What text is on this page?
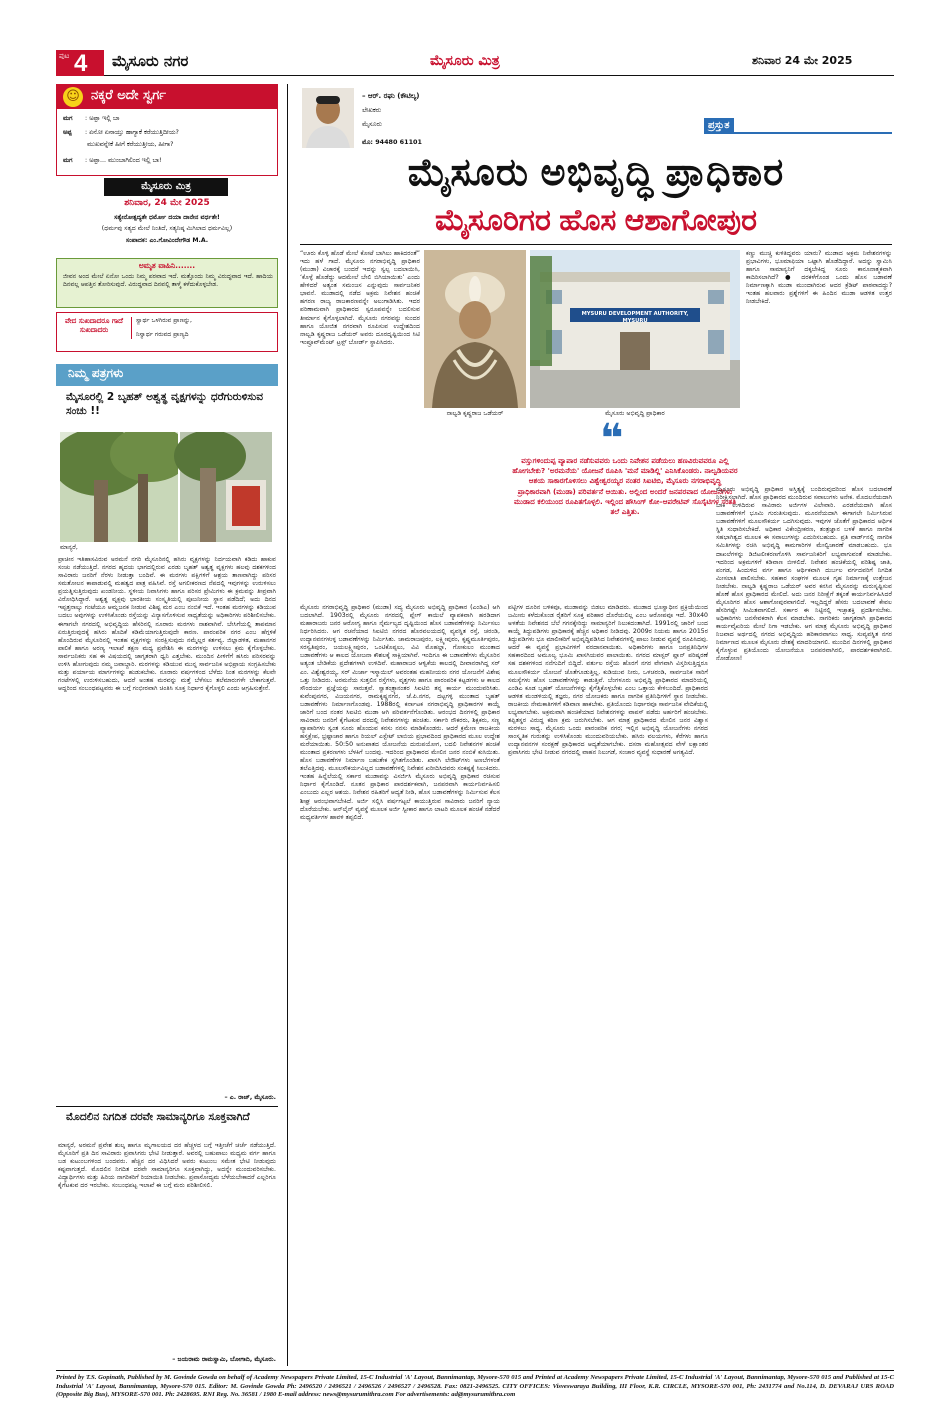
ಪುಟ 4 ಮೈಸೂರು ನಗರ	ಮೈಸೂರು ಮಿತ್ರ	ಶನಿವಾರ 24 ಮೇ 2025
☺ ನಕ್ಕರೆ ಅದೇ ಸ್ವರ್ಗ
ಮಗ : ಅಪ್ಪಾ ಇಲ್ಲಿ ಬಾ
ಅಪ್ಪ : ಏನೋ ಏನಾಯ್ತು ಹಾಗ್ಯಾಕೆ ಕರೆಯುತ್ತಿದೀಯ?
ಮುಖವನ್ನೇಕೆ ಹೀಗೆ ಕರೆಯುತ್ತೀಯ, ಹೀಗಾ?
ಮಗ : ಅಪ್ಪಾ... ಮುಂಬಾಗಿಲಿಂದ ಇಲ್ಲಿ ಬಾ!
ಮೈಸೂರು ಮಿತ್ರ
ಶನಿವಾರ, 24 ಮೇ 2025
ಸತ್ಯೇನೋತ್ಪದ್ಯತೇ ಧರ್ಮೋ ದಯಾ ದಾನೇನ ವರ್ಧತೇ!
(ಧರ್ಮವು ಸತ್ಯದ ಮೇಲೆ ನಿಂತಿದೆ, ಸತ್ಯನಿಷ್ಠ ಮಿಗಿಲಾದ ಧರ್ಮವಿಲ್ಲ)
ಸಂಪಾದಕ: ಎಂ.ಗೋವಿಂದೇಗೌಡ M.A.
ಅಮೃತ ವಾಹಿನಿ.......
ಜೀವನ ಅಂದ ಮೇಲೆ ಏನೋ ಒಂದು ನಿಮ್ಮ ಪರವಾದ ಇದೆ. ಮತ್ತೊಂದು ನಿಮ್ಮ ವಿರುದ್ಧವಾದ ಇದೆ. ಹಾದಿಯ ದಿನವಲ್ಲ ಆಪತ್ತಿನ ತೋರಿಸುವುದೆ. ವಿರುದ್ಧವಾದ ದಿನವಲ್ಲಿ ತಾಳ್ಮೆ ಕಳೆದುಕೊಳ್ಳಬೇಡ.
ವೇದ ಸುಖದಾದರೂ ಗಾದೆ ಸುಖದಾದರು
ಸ್ವಾರ್ಥ ಒಳಗಿರುವ ಪ್ರಾಣನ್ನು,
ನಿಸ್ವಾರ್ಥ ಗರುವದ ಪ್ರಾಣ್ಯದಿ
ನಿಮ್ಮ ಪತ್ರಗಳು
ಮೈಸೂರಲ್ಲಿ 2 ಬೃಹತ್ ಅಶ್ವತ್ಥ ವೃಕ್ಷಗಳನ್ನು ಧರೆಗುರುಳಿಸುವ ಸಂಚು !!
ಮಾನ್ಯರೆ,
ಪ್ರಾಚೀನ ಇತಿಹಾಸವಿರುವ ಅರಮನೆ ನಗರಿ ಮೈಸೂರಿನಲ್ಲಿ ಹಸಿರು ವೃಕ್ಷಗಳನ್ನು ನಿರ್ದಯವಾಗಿ ಕಡಿದು ಹಾಕುವ ಸಂಚು ನಡೆಯುತ್ತಿದೆ. ನಗರದ ಹೃದಯ ಭಾಗದಲ್ಲಿರುವ ಎರಡು ಬೃಹತ್ ಅಶ್ವತ್ಥ ವೃಕ್ಷಗಳು ಹಲವು ದಶಕಗಳಿಂದ ಸಾವಿರಾರು ಜನರಿಗೆ ನೆರಳು ನೀಡುತ್ತಾ ಬಂದಿವೆ. ಈ ಮರಗಳು ಪಕ್ಷಿಗಳಿಗೆ ಆಶ್ರಯ ತಾಣವಾಗಿದ್ದು ಪರಿಸರ ಸಮತೋಲನ ಕಾಪಾಡುವಲ್ಲಿ ಮಹತ್ವದ ಪಾತ್ರ ವಹಿಸಿವೆ. ರಸ್ತೆ ಅಗಲೀಕರಣದ ನೆಪದಲ್ಲಿ ಇವುಗಳನ್ನು ಉರುಳಿಸಲು ಪ್ರಯತ್ನಿಸುತ್ತಿರುವುದು ಖಂಡನೀಯ. ಸ್ಥಳೀಯ ನಿವಾಸಿಗಳು ಹಾಗೂ ಪರಿಸರ ಪ್ರೇಮಿಗಳು ಈ ಕ್ರಮವನ್ನು ತೀವ್ರವಾಗಿ ವಿರೋಧಿಸಿದ್ದಾರೆ. ಅಶ್ವತ್ಥ ವೃಕ್ಷವು ಭಾರತೀಯ ಸಂಸ್ಕೃತಿಯಲ್ಲಿ ಪೂಜನೀಯ ಸ್ಥಾನ ಪಡೆದಿದೆ; ಅದು ದಿನದ ಇಪ್ಪತ್ತನಾಲ್ಕು ಗಂಟೆಯೂ ಆಮ್ಲಜನಕ ನೀಡುವ ವಿಶಿಷ್ಟ ಮರ ಎಂಬ ನಂಬಿಕೆ ಇದೆ. ಇಂತಹ ಮರಗಳನ್ನು ಕಡಿಯುವ ಬದಲು ಅವುಗಳನ್ನು ಉಳಿಸಿಕೊಂಡು ರಸ್ತೆಯನ್ನು ವಿನ್ಯಾಸಗೊಳಿಸುವ ಸಾಧ್ಯತೆಯನ್ನು ಅಧಿಕಾರಿಗಳು ಪರಿಶೀಲಿಸಬೇಕು. ಈಗಾಗಲೇ ನಗರದಲ್ಲಿ ಅಭಿವೃದ್ಧಿಯ ಹೆಸರಿನಲ್ಲಿ ನೂರಾರು ಮರಗಳು ನಾಶವಾಗಿವೆ. ಬೇಸಿಗೆಯಲ್ಲಿ ತಾಪಮಾನ ಏರುತ್ತಿರುವುದಕ್ಕೆ ಹಸಿರು ಹೊದಿಕೆ ಕಡಿಮೆಯಾಗುತ್ತಿರುವುದೇ ಕಾರಣ. ಪಾರಂಪರಿಕ ನಗರ ಎಂಬ ಹೆಗ್ಗಳಿಕೆ ಹೊಂದಿರುವ ಮೈಸೂರಿನಲ್ಲಿ ಇಂತಹ ವೃಕ್ಷಗಳನ್ನು ಸಂರಕ್ಷಿಸುವುದು ನಮ್ಮೆಲ್ಲರ ಕರ್ತವ್ಯ. ಜಿಲ್ಲಾಡಳಿತ, ಮಹಾನಗರ ಪಾಲಿಕೆ ಹಾಗೂ ಅರಣ್ಯ ಇಲಾಖೆ ತಕ್ಷಣ ಮಧ್ಯ ಪ್ರವೇಶಿಸಿ ಈ ಮರಗಳನ್ನು ಉಳಿಸಲು ಕ್ರಮ ಕೈಗೊಳ್ಳಬೇಕು. ಸಾರ್ವಜನಿಕರು ಸಹ ಈ ವಿಷಯದಲ್ಲಿ ಜಾಗೃತರಾಗಿ ಧ್ವನಿ ಎತ್ತಬೇಕು. ಮುಂದಿನ ಪೀಳಿಗೆಗೆ ಹಸಿರು ಪರಿಸರವನ್ನು ಉಳಿಸಿ ಹೋಗುವುದು ನಮ್ಮ ಜವಾಬ್ದಾರಿ. ಮರಗಳನ್ನು ಕಡಿಯುವ ಮುನ್ನ ಸಾರ್ವಜನಿಕ ಅಭಿಪ್ರಾಯ ಸಂಗ್ರಹಿಸಬೇಕು ಮತ್ತು ಪರ್ಯಾಯ ಮಾರ್ಗಗಳನ್ನು ಹುಡುಕಬೇಕು. ನೂರಾರು ವರ್ಷಗಳಿಂದ ಬೆಳೆದು ನಿಂತ ಮರಗಳನ್ನು ಕೆಲವೇ ಗಂಟೆಗಳಲ್ಲಿ ಉರುಳಿಸಬಹುದು, ಆದರೆ ಅಂತಹ ಮರವನ್ನು ಮತ್ತೆ ಬೆಳೆಸಲು ತಲೆಮಾರುಗಳೇ ಬೇಕಾಗುತ್ತವೆ. ಆದ್ದರಿಂದ ಸಂಬಂಧಪಟ್ಟವರು ಈ ಬಗ್ಗೆ ಗಂಭೀರವಾಗಿ ಚಿಂತಿಸಿ ಸೂಕ್ತ ನಿರ್ಧಾರ ಕೈಗೊಳ್ಳಲಿ ಎಂದು ಆಗ್ರಹಿಸುತ್ತೇನೆ.
– ಎ. ರಾಜ್, ಮೈಸೂರು.
ಮೊದಲಿನ ನಿಗದಿತ ದರವೇ ಸಾಮಾನ್ಯರಿಗೂ ಸೂಕ್ತವಾಗಿದೆ
ಮಾನ್ಯರೆ, ಅರಮನೆ ಪ್ರವೇಶ ಶುಲ್ಕ ಹಾಗೂ ಮೃಗಾಲಯದ ದರ ಹೆಚ್ಚಳದ ಬಗ್ಗೆ ಇತ್ತೀಚೆಗೆ ಚರ್ಚೆ ನಡೆಯುತ್ತಿದೆ. ಮೈಸೂರಿಗೆ ಪ್ರತಿ ದಿನ ಸಾವಿರಾರು ಪ್ರವಾಸಿಗರು ಭೇಟಿ ನೀಡುತ್ತಾರೆ. ಅವರಲ್ಲಿ ಬಹುಪಾಲು ಮಧ್ಯಮ ವರ್ಗ ಹಾಗೂ ಬಡ ಕುಟುಂಬಗಳಿಂದ ಬಂದವರು. ಹೆಚ್ಚಿನ ದರ ವಿಧಿಸಿದರೆ ಅವರು ಕುಟುಂಬ ಸಮೇತ ಭೇಟಿ ನೀಡುವುದು ಕಷ್ಟವಾಗುತ್ತದೆ. ಮೊದಲಿನ ನಿಗದಿತ ದರವೇ ಸಾಮಾನ್ಯರಿಗೂ ಸೂಕ್ತವಾಗಿದ್ದು, ಅದನ್ನೇ ಮುಂದುವರಿಸಬೇಕು. ವಿದ್ಯಾರ್ಥಿಗಳು ಮತ್ತು ಹಿರಿಯ ನಾಗರಿಕರಿಗೆ ರಿಯಾಯಿತಿ ನೀಡಬೇಕು. ಪ್ರವಾಸೋದ್ಯಮ ಬೆಳೆಯಬೇಕಾದರೆ ಎಲ್ಲರಿಗೂ ಕೈಗೆಟಕುವ ದರ ಇರಬೇಕು. ಸಂಬಂಧಪಟ್ಟ ಇಲಾಖೆ ಈ ಬಗ್ಗೆ ಮರು ಪರಿಶೀಲಿಸಲಿ.
– ಜಯರಾಮ ರಾಮಸ್ವಾಮಿ, ಬೋಗಾದಿ, ಮೈಸೂರು.
– ಆರ್. ರಘು (ಕೌಟಿಲ್ಯ)
ಲೇಖಕರು
ಮೈಸೂರು
ಮೊ: 94480 61101
ಪ್ರಸ್ತುತ
ಮೈಸೂರು ಅಭಿವೃದ್ಧಿ ಪ್ರಾಧಿಕಾರ
ಮೈಸೂರಿಗರ ಹೊಸ ಆಶಾಗೋಪುರ
“ಊರು ಕೊಳ್ಳಿ ಹೊಡೆ ಮೇಲೆ ಕೋಟೆ ಬಾಗಿಲು ಹಾಕಿದರಂತೆ” ಇದು ಹಳೆ ಗಾದೆ. ಮೈಸೂರು ನಗರಾಭಿವೃದ್ಧಿ ಪ್ರಾಧಿಕಾರ (ಮುಡಾ) ವಿಚಾರಕ್ಕೆ ಬಂದರೆ ಇದನ್ನು ಸ್ವಲ್ಪ ಬದಲಾಯಿಸಿ, ‘ಕೊಳ್ಳೆ ಹೊಡೆದ್ದು ಆದಮೇಲೆ ಬೇಲಿ ಬಿಗಿಯಾಯಿತು’ ಎಂದು ಹೇಳಿದರೆ ಅತ್ಯಂತ ಸಮಂಜಸ ಎನ್ನುವುದು ಸಾರ್ವಜನಿಕರ ಭಾವನೆ. ಮುಡಾದಲ್ಲಿ ನಡೆದ ಅಕ್ರಮ ನಿವೇಶನ ಹಂಚಿಕೆ ಹಗರಣ ರಾಜ್ಯ ರಾಜಕಾರಣವನ್ನೇ ಅಲುಗಾಡಿಸಿತು. ಇದರ ಪರಿಣಾಮವಾಗಿ ಪ್ರಾಧಿಕಾರದ ಸ್ವರೂಪವನ್ನೇ ಬದಲಿಸುವ ತೀರ್ಮಾನ ಕೈಗೊಳ್ಳಲಾಗಿದೆ. ಮೈಸೂರು ನಗರವನ್ನು ಸುಂದರ ಹಾಗೂ ಯೋಜಿತ ನಗರವಾಗಿ ರೂಪಿಸುವ ಉದ್ದೇಶದಿಂದ ನಾಲ್ವಡಿ ಕೃಷ್ಣರಾಜ ಒಡೆಯರ್ ಅವರು ದೂರದೃಷ್ಟಿಯಿಂದ ಸಿಟಿ ಇಂಪ್ರೂವ್‌ಮೆಂಟ್ ಟ್ರಸ್ಟ್ ಬೋರ್ಡ್ ಸ್ಥಾಪಿಸಿದರು.
ನಾಲ್ವಡಿ ಕೃಷ್ಣರಾಜ ಒಡೆಯರ್
MYSURU DEVELOPMENT AUTHORITY, MYSURU
ಮೈಸೂರು ಅಭಿವೃದ್ಧಿ ಪ್ರಾಧಿಕಾರ
ಕಣ್ಣು ಮುಚ್ಚಿ ಕುಳಿತಿದ್ದವರು ಯಾರು? ಮುಡಾದ ಅಕ್ರಮ ನಿವೇಶನಗಳನ್ನು ಪ್ರಭಾವಿಗಳು, ಭೂಮಾಫಿಯಾ ಒಟ್ಟಾಗಿ ಹೊಡೆದಿದ್ದಾರೆ. ಅದನ್ನು ಸ್ವಾಮಿಸಿ ಹಾಗೂ ಸಾಮಾನ್ಯನಿಗೆ ದಕ್ಕಬೇಕಿದ್ದ ಸೂರು ಕಾನೂನಾತ್ಮಕವಾಗಿ ಕಾದಿರಿಸಲಾಗಿದೆ? ● ದರಕಳೆಗೊಂಡ ಒಂದು ಹೊಸ ಬಡಾವಣೆ ನಿರ್ಮಾಣಕ್ಕಾಗಿ ಮುಡಾ ಮುಂದಾಗಿರುವ ಆದರ ಕ್ರೆಡಿಟ್ ಪಾಠವಾದದ್ದು? ಇಂತಹ ಹಲವಾರು ಪ್ರಶ್ನೆಗಳಿಗೆ ಈ ಹಿಂದಿನ ಮುಡಾ ಆಡಳಿತ ಉತ್ತರ ನೀಡಬೇಕಿದೆ.
❝
ವಸ್ತುಗಳಿಂದುಪ್ಪ ವ್ಯಾಪಾರ ನಡೆಸುವವರು ಒಂದು ನಿವೇಶನ ಪಡೆಯಲು ಹಣವಿರುವವರೂ ಎಲ್ಲಿ ಹೋಗಬೇಕು? 'ಅರಮನೆಯ' ಯೋಜನೆ ರೂಪಿಸಿ 'ಮನೆ ಮಾಡಿಲ್ಲಿ' ಎನಿಸಿಕೊಂಡರು. ನಾಲ್ವಡಿಯವರ ಆಶಯ ಸಾಕಾರಗೊಳಿಸಲು ವಿಶ್ವೇಶ್ವರಯ್ಯರ ನಂತರ ಸಿಐಟಿಬಿ, ಮೈಸೂರು ನಗರಾಭಿವೃದ್ಧಿ ಪ್ರಾಧಿಕಾರವಾಗಿ (ಮುಡಾ) ಪರಿವರ್ತನೆ ಆಯಿತು. ಅಲ್ಲಿಂದ ಅಂದರೆ ಜನಪರವಾದ ಯೋಜನೆಗಳು ಮುಡಾದ ಕಲಿಯುಂದ ರೂಪಿತಗೊಳ್ಳಲಿ. ಇಲ್ಲಿಂದ ಹೌಸಿಂಗ್ ಕೋ–ಆಪರೇಟಿವ್ ಸೊಸೈಟಿಗಳ ಸಂತತಿ ತಲೆ ಎತ್ತಿತು.
ಮೈಸೂರು ನಗರಾಭಿವೃದ್ಧಿ ಪ್ರಾಧಿಕಾರ (ಮುಡಾ) ಸದ್ಯ ಮೈಸೂರು ಅಭಿವೃದ್ಧಿ ಪ್ರಾಧಿಕಾರ (ಎಂಡಿಎ) ಆಗಿ ಬದಲಾಗಿದೆ. 1903ರಲ್ಲಿ ಮೈಸೂರು ನಗರದಲ್ಲಿ ಪ್ಲೇಗ್ ಕಾಯಿಲೆ ವ್ಯಾಪಕವಾಗಿ ಹರಡಿದಾಗ ಮಹಾರಾಜರು ಜನರ ಆರೋಗ್ಯ ಹಾಗೂ ನೈರ್ಮಲ್ಯದ ದೃಷ್ಟಿಯಿಂದ ಹೊಸ ಬಡಾವಣೆಗಳನ್ನು ನಿರ್ಮಿಸಲು ನಿರ್ಧರಿಸಿದರು. ಆಗ ರಚನೆಯಾದ ಸಿಐಟಿಬಿ ನಗರದ ಹೊರವಲಯದಲ್ಲಿ ವ್ಯವಸ್ಥಿತ ರಸ್ತೆ, ಚರಂಡಿ, ಉದ್ಯಾನವನಗಳುಳ್ಳ ಬಡಾವಣೆಗಳನ್ನು ನಿರ್ಮಿಸಿತು. ಚಾಮರಾಜಪುರಂ, ಲಕ್ಷ್ಮೀಪುರಂ, ಕೃಷ್ಣಮೂರ್ತಿಪುರಂ, ಸರಸ್ವತಿಪುರಂ, ಜಯಲಕ್ಷ್ಮೀಪುರಂ, ಒಂಟಿಕೊಪ್ಪಲು, ವಿವಿ ಮೊಹಲ್ಲಾ, ಗೋಕುಲಂ ಮುಂತಾದ ಬಡಾವಣೆಗಳು ಆ ಕಾಲದ ಯೋಜನಾ ಕೌಶಲಕ್ಕೆ ಸಾಕ್ಷಿಯಾಗಿವೆ. ಇಂದಿಗೂ ಈ ಬಡಾವಣೆಗಳು ಮೈಸೂರಿನ ಅತ್ಯಂತ ಬೇಡಿಕೆಯ ಪ್ರದೇಶಗಳಾಗಿ ಉಳಿದಿವೆ. ಮಹಾರಾಜರ ಆಳ್ವಿಕೆಯ ಕಾಲದಲ್ಲಿ ದೀವಾನರಾಗಿದ್ದ ಸರ್ ಎಂ. ವಿಶ್ವೇಶ್ವರಯ್ಯ, ಸರ್ ಮಿರ್ಜಾ ಇಸ್ಮಾಯಿಲ್ ಅವರಂತಹ ಮಹನೀಯರು ನಗರ ಯೋಜನೆಗೆ ವಿಶೇಷ ಒತ್ತು ನೀಡಿದರು. ಅರಮನೆಯ ಸುತ್ತಲಿನ ರಸ್ತೆಗಳು, ವೃತ್ತಗಳು ಹಾಗೂ ಪಾರಂಪರಿಕ ಕಟ್ಟಡಗಳು ಆ ಕಾಲದ ಸೌಂದರ್ಯ ಪ್ರಜ್ಞೆಯನ್ನು ಸಾರುತ್ತವೆ. ಸ್ವಾತಂತ್ರ್ಯಾನಂತರ ಸಿಐಟಿಬಿ ತನ್ನ ಕಾರ್ಯ ಮುಂದುವರಿಸಿತು. ಕುವೆಂಪುನಗರ, ವಿಜಯನಗರ, ರಾಮಕೃಷ್ಣನಗರ, ಜೆ.ಪಿ.ನಗರ, ದಟ್ಟಗಳ್ಳಿ ಮುಂತಾದ ಬೃಹತ್ ಬಡಾವಣೆಗಳು ನಿರ್ಮಾಣಗೊಂಡವು. 1988ರಲ್ಲಿ ಕರ್ನಾಟಕ ನಗರಾಭಿವೃದ್ಧಿ ಪ್ರಾಧಿಕಾರಗಳ ಕಾಯ್ದೆ ಜಾರಿಗೆ ಬಂದ ನಂತರ ಸಿಐಟಿಬಿ ಮುಡಾ ಆಗಿ ಪರಿವರ್ತನೆಗೊಂಡಿತು. ಆರಂಭದ ದಿನಗಳಲ್ಲಿ ಪ್ರಾಧಿಕಾರ ಸಾವಿರಾರು ಜನರಿಗೆ ಕೈಗೆಟಕುವ ದರದಲ್ಲಿ ನಿವೇಶನಗಳನ್ನು ಹಂಚಿತು. ಸರ್ಕಾರಿ ನೌಕರರು, ಶಿಕ್ಷಕರು, ಸಣ್ಣ ವ್ಯಾಪಾರಿಗಳು ಸ್ವಂತ ಸೂರು ಹೊಂದುವ ಕನಸು ನನಸು ಮಾಡಿಕೊಂಡರು. ಆದರೆ ಕ್ರಮೇಣ ರಾಜಕೀಯ ಹಸ್ತಕ್ಷೇಪ, ಭ್ರಷ್ಟಾಚಾರ ಹಾಗೂ ರಿಯಲ್ ಎಸ್ಟೇಟ್ ಲಾಬಿಯ ಪ್ರಭಾವದಿಂದ ಪ್ರಾಧಿಕಾರದ ಮೂಲ ಉದ್ದೇಶ ಮರೆಯಾಯಿತು. 50:50 ಅನುಪಾತದ ಯೋಜನೆಯ ದುರುಪಯೋಗ, ಬದಲಿ ನಿವೇಶನಗಳ ಹಂಚಿಕೆ ಮುಂತಾದ ಪ್ರಕರಣಗಳು ಬೆಳಕಿಗೆ ಬಂದವು. ಇದರಿಂದ ಪ್ರಾಧಿಕಾರದ ಮೇಲಿನ ಜನರ ನಂಬಿಕೆ ಕುಸಿಯಿತು. ಹೊಸ ಬಡಾವಣೆಗಳ ನಿರ್ಮಾಣ ಬಹುತೇಕ ಸ್ಥಗಿತಗೊಂಡಿತು. ಖಾಸಗಿ ಲೇಔಟ್‌ಗಳು ಅಣಬೆಗಳಂತೆ ತಲೆಎತ್ತಿದವು. ಮೂಲಸೌಕರ್ಯವಿಲ್ಲದ ಬಡಾವಣೆಗಳಲ್ಲಿ ನಿವೇಶನ ಖರೀದಿಸಿದವರು ಸಂಕಷ್ಟಕ್ಕೆ ಸಿಲುಕಿದರು. ಇಂತಹ ಹಿನ್ನೆಲೆಯಲ್ಲಿ ಸರ್ಕಾರ ಮುಡಾವನ್ನು ವಿಸರ್ಜಿಸಿ ಮೈಸೂರು ಅಭಿವೃದ್ಧಿ ಪ್ರಾಧಿಕಾರ ರಚಿಸುವ ನಿರ್ಧಾರ ಕೈಗೊಂಡಿದೆ. ನೂತನ ಪ್ರಾಧಿಕಾರ ಪಾರದರ್ಶಕವಾಗಿ, ಜನಪರವಾಗಿ ಕಾರ್ಯನಿರ್ವಹಿಸಲಿ ಎಂಬುದು ಎಲ್ಲರ ಆಶಯ. ನಿವೇಶನ ರಹಿತರಿಗೆ ಆದ್ಯತೆ ನೀಡಿ, ಹೊಸ ಬಡಾವಣೆಗಳನ್ನು ನಿರ್ಮಿಸುವ ಕೆಲಸ ಶೀಘ್ರ ಆರಂಭವಾಗಬೇಕಿದೆ. ಅರ್ಜಿ ಸಲ್ಲಿಸಿ ವರ್ಷಗಟ್ಟಲೆ ಕಾಯುತ್ತಿರುವ ಸಾವಿರಾರು ಜನರಿಗೆ ನ್ಯಾಯ ದೊರೆಯಬೇಕು. ಆನ್‌ಲೈನ್ ವ್ಯವಸ್ಥೆ ಮೂಲಕ ಅರ್ಜಿ ಸ್ವೀಕಾರ ಹಾಗೂ ಲಾಟರಿ ಮೂಲಕ ಹಂಚಿಕೆ ನಡೆದರೆ ಮಧ್ಯವರ್ತಿಗಳ ಹಾವಳಿ ತಪ್ಪಲಿದೆ.
ಪಟ್ಟಿಗಳ ದೂರಿನ ಬಳಿಕವೂ, ಮುಡಾವನ್ನು ಬಿಡಲು ಮಾಡಿದರು. ಮುಡಾದ ಭೂಸ್ವಾಧೀನ ಪ್ರಕ್ರಿಯೆಯಿಂದ ಜಮೀನು ಕಳೆದುಕೊಂಡ ರೈತರಿಗೆ ಸೂಕ್ತ ಪರಿಹಾರ ದೊರೆಯಲಿಲ್ಲ ಎಂಬ ಆರೋಪವೂ ಇದೆ. 30x40 ಅಳತೆಯ ನಿವೇಶನದ ಬೆಲೆ ಗಗನಕ್ಕೇರಿದ್ದು ಸಾಮಾನ್ಯರಿಗೆ ನಿಲುಕದಂತಾಗಿದೆ. 1991ರಲ್ಲಿ ಜಾರಿಗೆ ಬಂದ ಕಾಯ್ದೆ ತಿದ್ದುಪಡಿಗಳು ಪ್ರಾಧಿಕಾರಕ್ಕೆ ಹೆಚ್ಚಿನ ಅಧಿಕಾರ ನೀಡಿದವು. 2009ರ ನಿಯಮ ಹಾಗೂ 2015ರ ತಿದ್ದುಪಡಿಗಳು ಭೂ ಮಾಲೀಕರಿಗೆ ಅಭಿವೃದ್ಧಿಪಡಿಸಿದ ನಿವೇಶನಗಳಲ್ಲಿ ಪಾಲು ನೀಡುವ ವ್ಯವಸ್ಥೆ ರೂಪಿಸಿದವು. ಆದರೆ ಈ ವ್ಯವಸ್ಥೆ ಪ್ರಭಾವಿಗಳಿಗೆ ವರದಾನವಾಯಿತು. ಅಧಿಕಾರಿಗಳು ಹಾಗೂ ಜನಪ್ರತಿನಿಧಿಗಳ ಸಹಕಾರದಿಂದ ಅಮೂಲ್ಯ ಭೂಮಿ ಖಾಸಗಿಯವರ ಪಾಲಾಯಿತು. ನಗರದ ಮಾಸ್ಟರ್ ಪ್ಲಾನ್ ಪರಿಷ್ಕರಣೆ ಸಹ ದಶಕಗಳಿಂದ ನನೆಗುದಿಗೆ ಬಿದ್ದಿದೆ. ವರ್ತುಲ ರಸ್ತೆಯ ಹೊರಗೆ ನಗರ ವೇಗವಾಗಿ ವಿಸ್ತರಿಸುತ್ತಿದ್ದರೂ ಮೂಲಸೌಕರ್ಯ ಯೋಜನೆ ಜೊತೆಗೂಡುತ್ತಿಲ್ಲ. ಕುಡಿಯುವ ನೀರು, ಒಳಚರಂಡಿ, ಸಾರ್ವಜನಿಕ ಸಾರಿಗೆ ಸಮಸ್ಯೆಗಳು ಹೊಸ ಬಡಾವಣೆಗಳನ್ನು ಕಾಡುತ್ತಿವೆ. ಬೆಂಗಳೂರು ಅಭಿವೃದ್ಧಿ ಪ್ರಾಧಿಕಾರದ ಮಾದರಿಯಲ್ಲಿ ಎಂಡಿಎ ಕೂಡ ಬೃಹತ್ ಯೋಜನೆಗಳನ್ನು ಕೈಗೆತ್ತಿಕೊಳ್ಳಬೇಕು ಎಂಬ ಒತ್ತಾಯ ಕೇಳಿಬಂದಿದೆ. ಪ್ರಾಧಿಕಾರದ ಆಡಳಿತ ಮಂಡಳಿಯಲ್ಲಿ ತಜ್ಞರು, ನಗರ ಯೋಜಕರು ಹಾಗೂ ನಾಗರಿಕ ಪ್ರತಿನಿಧಿಗಳಿಗೆ ಸ್ಥಾನ ನೀಡಬೇಕು. ರಾಜಕೀಯ ನೇಮಕಾತಿಗಳಿಗೆ ಕಡಿವಾಣ ಹಾಕಬೇಕು. ಪ್ರತಿಯೊಂದು ನಿರ್ಧಾರವೂ ಸಾರ್ವಜನಿಕ ವೇದಿಕೆಯಲ್ಲಿ ಲಭ್ಯವಾಗಬೇಕು. ಅಕ್ರಮವಾಗಿ ಹಂಚಿಕೆಯಾದ ನಿವೇಶನಗಳನ್ನು ವಾಪಸ್ ಪಡೆದು ಅರ್ಹರಿಗೆ ಹಂಚಬೇಕು. ತಪ್ಪಿತಸ್ಥರ ವಿರುದ್ಧ ಕಠಿಣ ಕ್ರಮ ಜರುಗಿಸಬೇಕು. ಆಗ ಮಾತ್ರ ಪ್ರಾಧಿಕಾರದ ಮೇಲಿನ ಜನರ ವಿಶ್ವಾಸ ಮರಳಲು ಸಾಧ್ಯ. ಮೈಸೂರು ಒಂದು ಪಾರಂಪರಿಕ ನಗರ; ಇಲ್ಲಿನ ಅಭಿವೃದ್ಧಿ ಯೋಜನೆಗಳು ನಗರದ ಸಾಂಸ್ಕೃತಿಕ ಗುರುತನ್ನು ಉಳಿಸಿಕೊಂಡು ಮುಂದುವರಿಯಬೇಕು. ಹಸಿರು ವಲಯಗಳು, ಕೆರೆಗಳು ಹಾಗೂ ಉದ್ಯಾನವನಗಳ ಸಂರಕ್ಷಣೆ ಪ್ರಾಧಿಕಾರದ ಆದ್ಯತೆಯಾಗಬೇಕು. ದಸರಾ ಮಹೋತ್ಸವದ ವೇಳೆ ಲಕ್ಷಾಂತರ ಪ್ರವಾಸಿಗರು ಭೇಟಿ ನೀಡುವ ನಗರದಲ್ಲಿ ವಾಹನ ನಿಲುಗಡೆ, ಸಂಚಾರ ವ್ಯವಸ್ಥೆ ಸುಧಾರಣೆ ಅಗತ್ಯವಿದೆ.
ಮೈಸೂರು ಅಭಿವೃದ್ಧಿ ಪ್ರಾಧಿಕಾರ ಅಸ್ತಿತ್ವಕ್ಕೆ ಬಂದಿರುವುದರಿಂದ ಹೊಸ ಬದಲಾವಣೆ ನಿರೀಕ್ಷಿಸಲಾಗಿದೆ. ಹೊಸ ಪ್ರಾಧಿಕಾರದ ಮುಂದಿರುವ ಸವಾಲುಗಳು ಅನೇಕ. ಮೊದಲನೆಯದಾಗಿ ಬಾಕಿ ಉಳಿದಿರುವ ಸಾವಿರಾರು ಅರ್ಜಿಗಳ ವಿಲೇವಾರಿ. ಎರಡನೆಯದಾಗಿ ಹೊಸ ಬಡಾವಣೆಗಳಿಗೆ ಭೂಮಿ ಗುರುತಿಸುವುದು. ಮೂರನೆಯದಾಗಿ ಈಗಾಗಲೇ ನಿರ್ಮಿಸಿರುವ ಬಡಾವಣೆಗಳಿಗೆ ಮೂಲಸೌಕರ್ಯ ಒದಗಿಸುವುದು. ಇವುಗಳ ಜೊತೆಗೆ ಪ್ರಾಧಿಕಾರದ ಆರ್ಥಿಕ ಸ್ಥಿತಿ ಸುಧಾರಿಸಬೇಕಿದೆ. ಅಧಿಕಾರ ವಿಕೇಂದ್ರೀಕರಣ, ತಂತ್ರಜ್ಞಾನ ಬಳಕೆ ಹಾಗೂ ನಾಗರಿಕ ಸಹಭಾಗಿತ್ವದ ಮೂಲಕ ಈ ಸವಾಲುಗಳನ್ನು ಎದುರಿಸಬಹುದು. ಪ್ರತಿ ವಾರ್ಡ್‌ನಲ್ಲಿ ನಾಗರಿಕ ಸಮಿತಿಗಳನ್ನು ರಚಿಸಿ ಅಭಿವೃದ್ಧಿ ಕಾಮಗಾರಿಗಳ ಮೇಲ್ವಿಚಾರಣೆ ಮಾಡಬಹುದು. ಭೂ ದಾಖಲೆಗಳನ್ನು ಡಿಜಿಟಲೀಕರಣಗೊಳಿಸಿ ಸಾರ್ವಜನಿಕರಿಗೆ ಲಭ್ಯವಾಗುವಂತೆ ಮಾಡಬೇಕು. ಇದರಿಂದ ಅಕ್ರಮಗಳಿಗೆ ಕಡಿವಾಣ ಬೀಳಲಿದೆ. ನಿವೇಶನ ಹಂಚಿಕೆಯಲ್ಲಿ ಪರಿಶಿಷ್ಟ ಜಾತಿ, ಪಂಗಡ, ಹಿಂದುಳಿದ ವರ್ಗ ಹಾಗೂ ಆರ್ಥಿಕವಾಗಿ ದುರ್ಬಲ ವರ್ಗದವರಿಗೆ ನಿಗದಿತ ಮೀಸಲಾತಿ ಪಾಲಿಸಬೇಕು. ಸಹಕಾರ ಸಂಘಗಳ ಮೂಲಕ ಗೃಹ ನಿರ್ಮಾಣಕ್ಕೆ ಉತ್ತೇಜನ ನೀಡಬೇಕು. ನಾಲ್ವಡಿ ಕೃಷ್ಣರಾಜ ಒಡೆಯರ್ ಅವರ ಕನಸಿನ ಮೈಸೂರನ್ನು ಮರುಸೃಷ್ಟಿಸುವ ಹೊಣೆ ಹೊಸ ಪ್ರಾಧಿಕಾರದ ಮೇಲಿದೆ. ಅದು ಜನರ ನಿರೀಕ್ಷೆಗೆ ತಕ್ಕಂತೆ ಕಾರ್ಯನಿರ್ವಹಿಸಿದರೆ ಮೈಸೂರಿಗರ ಹೊಸ ಆಶಾಗೋಪುರವಾಗಲಿದೆ. ಇಲ್ಲದಿದ್ದರೆ ಹೆಸರು ಬದಲಾವಣೆ ಕೇವಲ ಹೆಸರಿಗಷ್ಟೇ ಸೀಮಿತವಾಗಲಿದೆ. ಸರ್ಕಾರ ಈ ನಿಟ್ಟಿನಲ್ಲಿ ಇಚ್ಛಾಶಕ್ತಿ ಪ್ರದರ್ಶಿಸಬೇಕು. ಅಧಿಕಾರಿಗಳು ಜನಸೇವಕರಾಗಿ ಕೆಲಸ ಮಾಡಬೇಕು. ನಾಗರಿಕರು ಜಾಗೃತರಾಗಿ ಪ್ರಾಧಿಕಾರದ ಕಾರ್ಯವೈಖರಿಯ ಮೇಲೆ ನಿಗಾ ಇಡಬೇಕು. ಆಗ ಮಾತ್ರ ಮೈಸೂರು ಅಭಿವೃದ್ಧಿ ಪ್ರಾಧಿಕಾರ ನಿಜವಾದ ಅರ್ಥದಲ್ಲಿ ನಗರದ ಅಭಿವೃದ್ಧಿಯ ಹರಿಕಾರವಾಗಲು ಸಾಧ್ಯ. ಸುವ್ಯವಸ್ಥಿತ ನಗರ ನಿರ್ಮಾಣದ ಮೂಲಕ ಮೈಸೂರು ದೇಶಕ್ಕೆ ಮಾದರಿಯಾಗಲಿ. ಮುಂದಿನ ದಿನಗಳಲ್ಲಿ ಪ್ರಾಧಿಕಾರ ಕೈಗೊಳ್ಳುವ ಪ್ರತಿಯೊಂದು ಯೋಜನೆಯೂ ಜನಪರವಾಗಿರಲಿ, ಪಾರದರ್ಶಕವಾಗಿರಲಿ. ನೋಡೋಣ!
Printed by T.S. Gopinath, Published by M. Govinde Gowda on behalf of Academy Newspapers Private Limited, 15-C Industrial 'A' Layout, Bannimantap, Mysore-570 015 and Printed at Academy Newspapers Private Limited, 15-C Industrial 'A' Layout, Bannimantap, Mysore-570 015 and Published at 15-C Industrial 'A' Layout, Bannimantap, Mysore-570 015. Editor: M. Govinde Gowda Ph: 2496520 / 2496521 / 2496526 / 2496527 / 2496528. Fax: 0821-2496525. CITY OFFICES: Visveswaraya Building, III Floor, K.R. CIRCLE, MYSORE-570 001, Ph: 2431774 and No.114, D. DEVARAJ URS ROAD (Opposite Big Bus), MYSORE-570 001. Ph: 2428695. RNI Reg. No. 36581 / 1980 E-mail address: news@mysurumithra.com For advertisements: ad@mysurumithra.com
